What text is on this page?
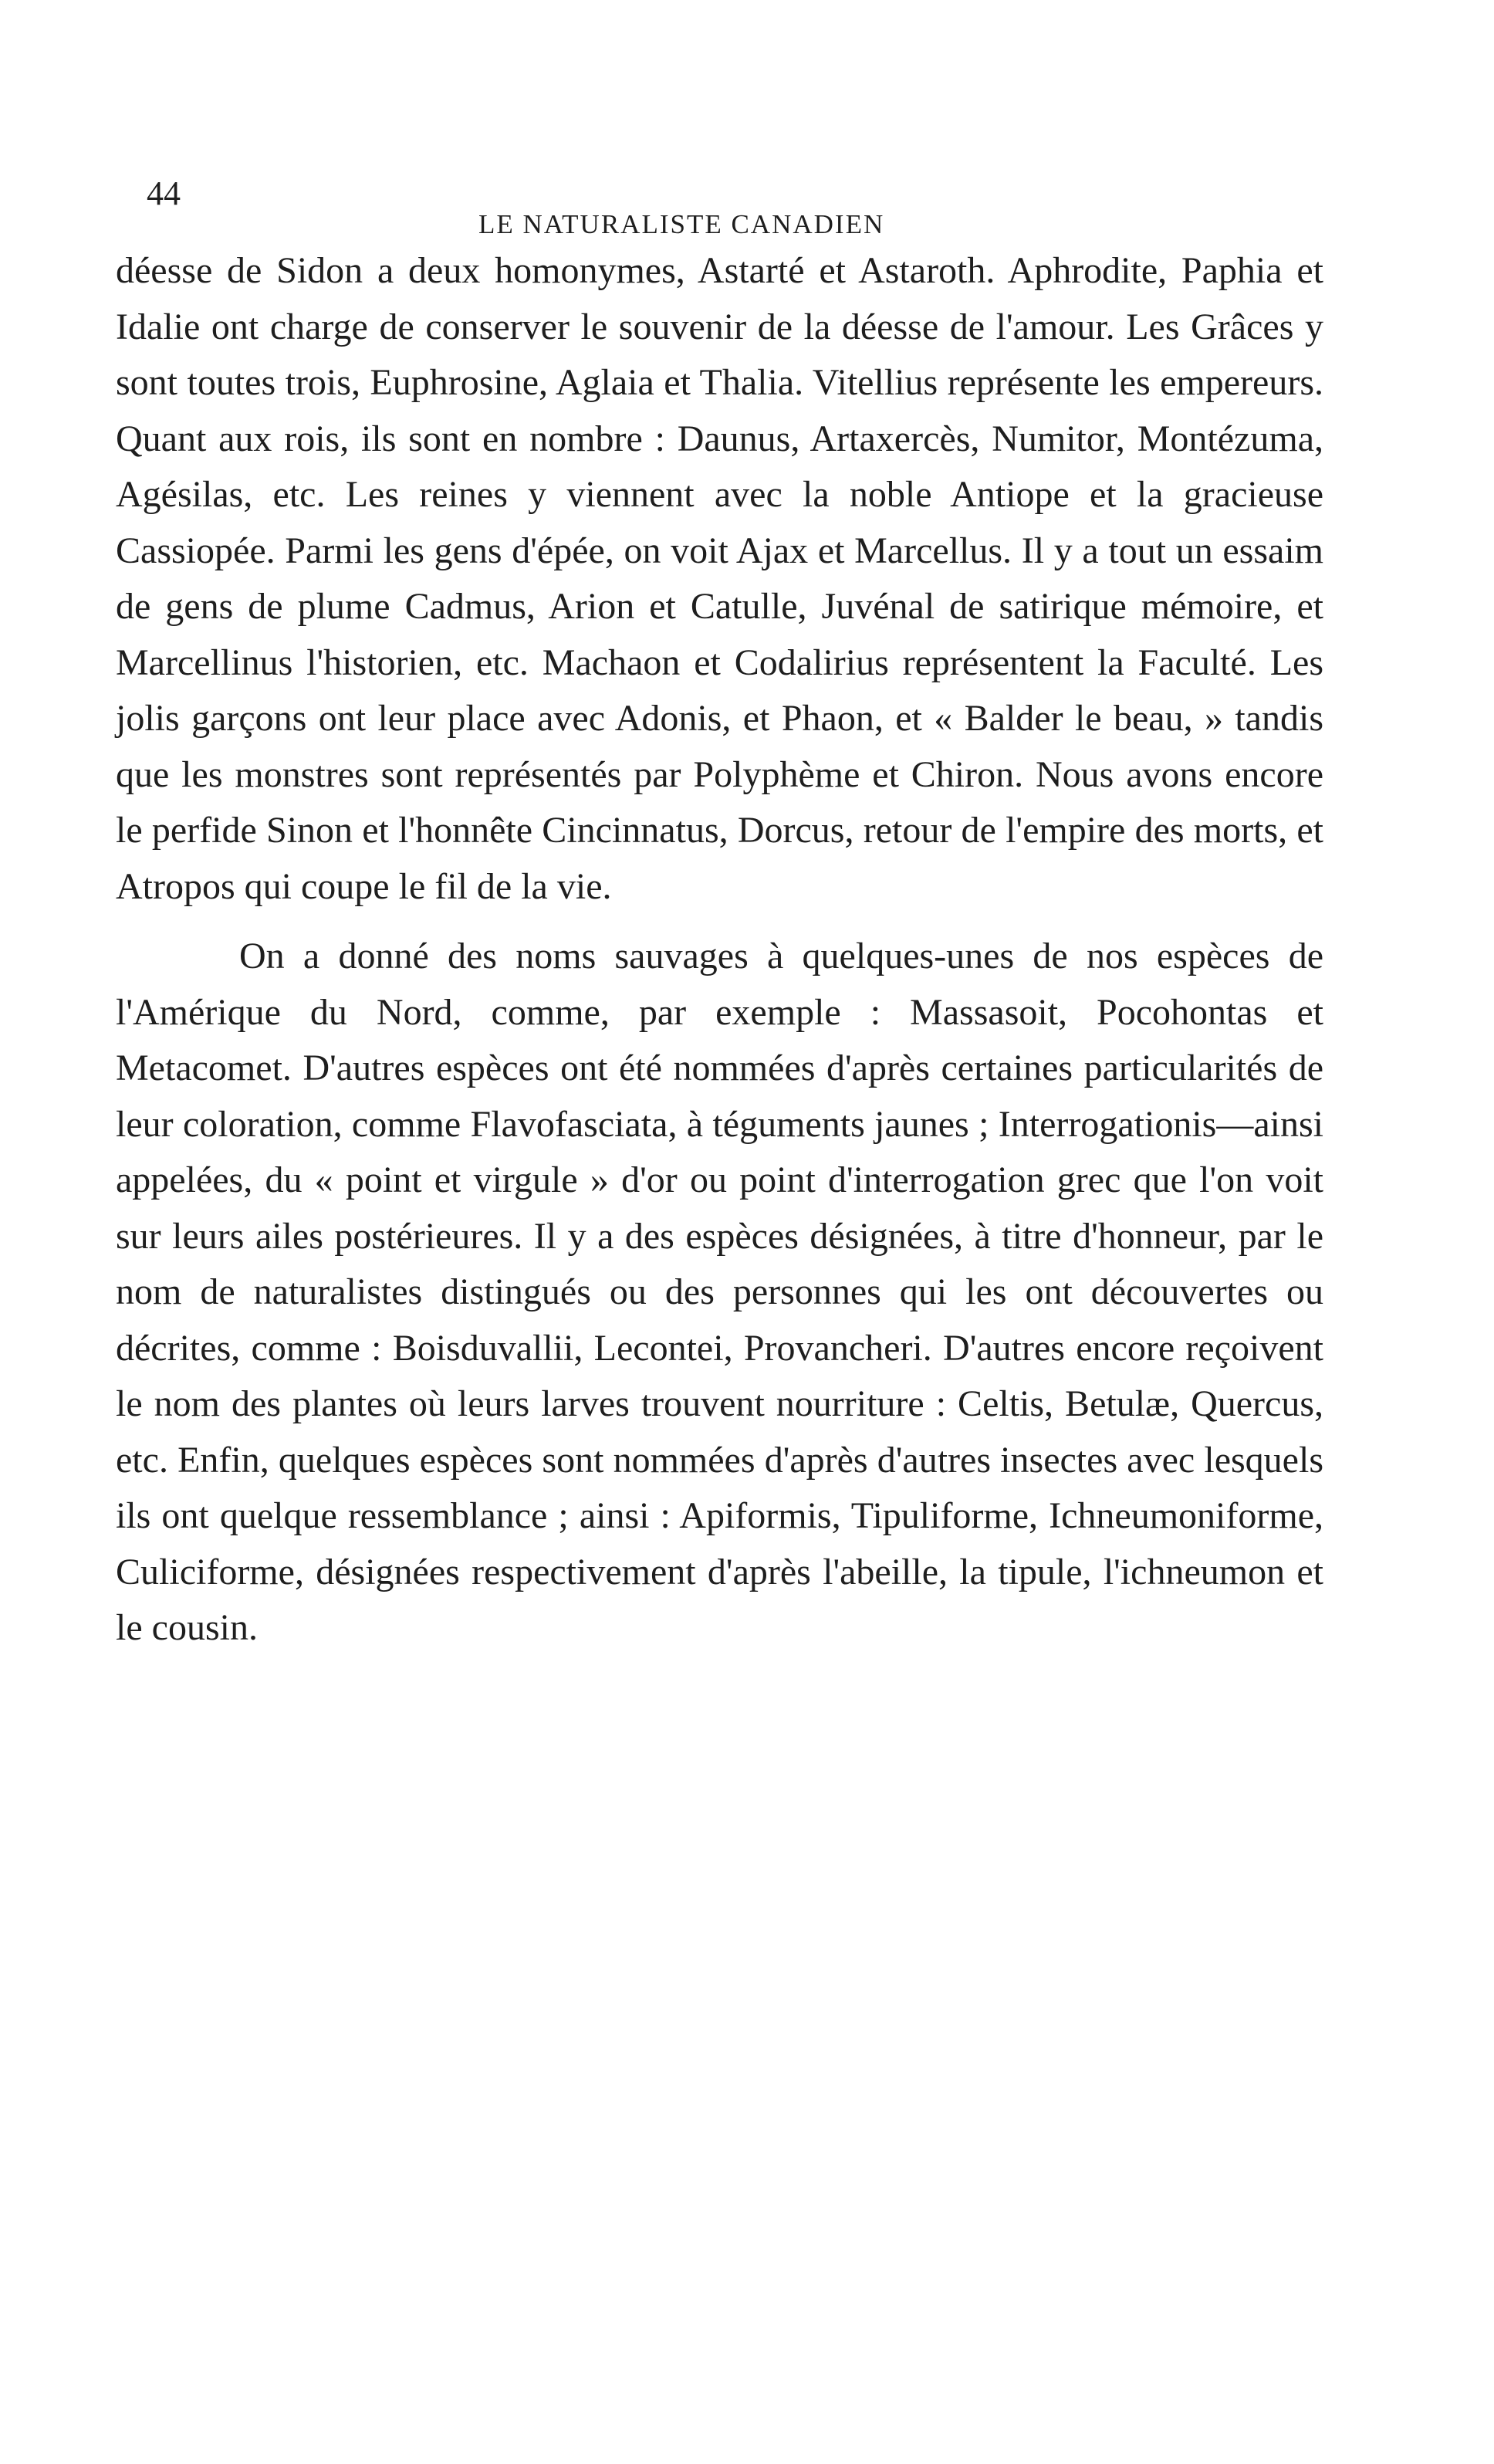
44
LE NATURALISTE CANADIEN

déesse de Sidon a deux homonymes, Astarté et Astaroth. Aphrodite, Paphia et Idalie ont charge de conserver le souvenir de la déesse de l'amour. Les Grâces y sont toutes trois, Euphrosine, Aglaia et Thalia. Vitellius représente les empereurs. Quant aux rois, ils sont en nombre : Daunus, Artaxercès, Numitor, Montézuma, Agésilas, etc. Les reines y viennent avec la noble Antiope et la gracieuse Cassiopée. Parmi les gens d'épée, on voit Ajax et Marcellus. Il y a tout un essaim de gens de plume Cadmus, Arion et Catulle, Juvénal de satirique mémoire, et Marcellinus l'historien, etc. Machaon et Codalirius représentent la Faculté. Les jolis garçons ont leur place avec Adonis, et Phaon, et « Balder le beau, » tandis que les monstres sont représentés par Polyphème et Chiron. Nous avons encore le perfide Sinon et l'honnête Cincinnatus, Dorcus, retour de l'empire des morts, et Atropos qui coupe le fil de la vie.

On a donné des noms sauvages à quelques-unes de nos espèces de l'Amérique du Nord, comme, par exemple : Massasoit, Pocohontas et Metacomet. D'autres espèces ont été nommées d'après certaines particularités de leur coloration, comme Flavofasciata, à téguments jaunes ; Interrogationis—ainsi appelées, du « point et virgule » d'or ou point d'interrogation grec que l'on voit sur leurs ailes postérieures. Il y a des espèces désignées, à titre d'honneur, par le nom de naturalistes distingués ou des personnes qui les ont découvertes ou décrites, comme : Boisduvallii, Lecontei, Provancheri. D'autres encore reçoivent le nom des plantes où leurs larves trouvent nourriture : Celtis, Betulæ, Quercus, etc. Enfin, quelques espèces sont nommées d'après d'autres insectes avec lesquels ils ont quelque ressemblance ; ainsi : Apiformis, Tipuliforme, Ichneumoniforme, Culiciforme, désignées respectivement d'après l'abeille, la tipule, l'ichneumon et le cousin.
